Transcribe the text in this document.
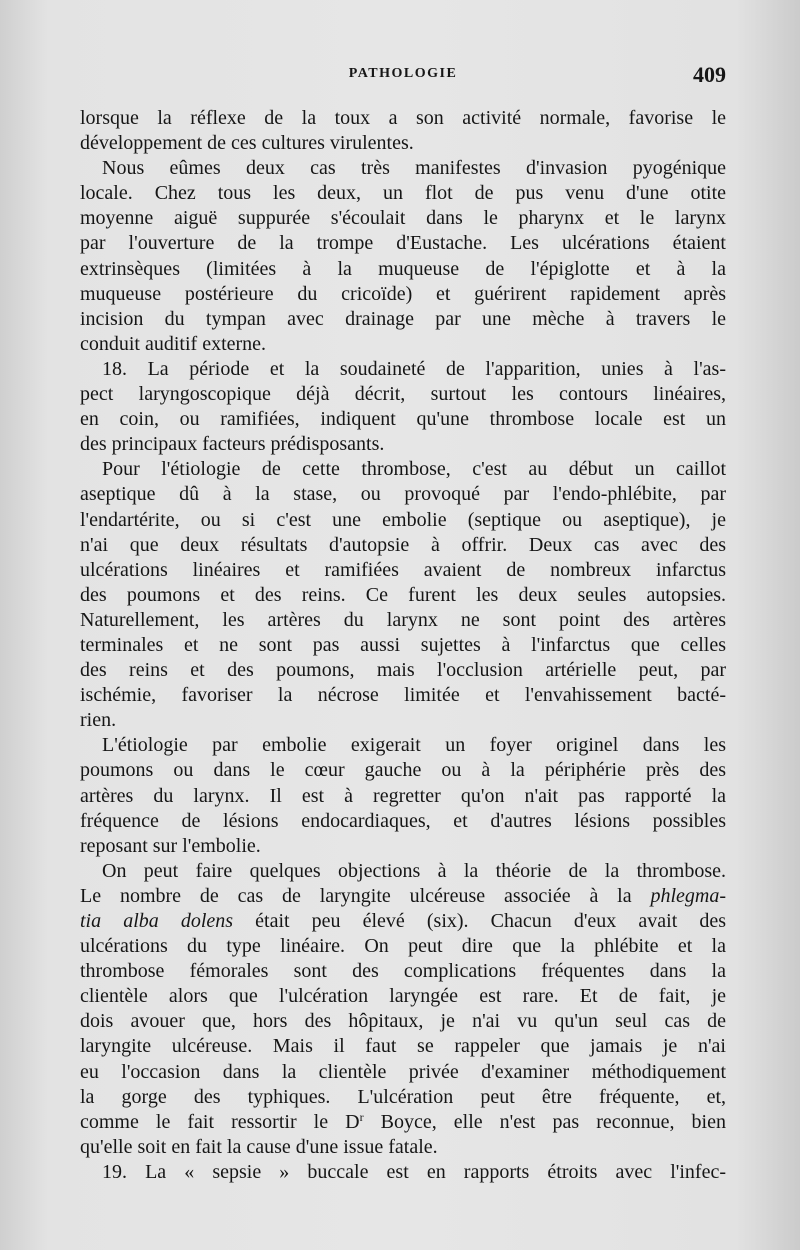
PATHOLOGIE	409
lorsque la réflexe de la toux a son activité normale, favorise le
développement de ces cultures virulentes.
Nous eûmes deux cas très manifestes d'invasion pyogénique
locale. Chez tous les deux, un flot de pus venu d'une otite
moyenne aiguë suppurée s'écoulait dans le pharynx et le larynx
par l'ouverture de la trompe d'Eustache. Les ulcérations étaient
extrinsèques (limitées à la muqueuse de l'épiglotte et à la
muqueuse postérieure du cricoïde) et guérirent rapidement après
incision du tympan avec drainage par une mèche à travers le
conduit auditif externe.
18. La période et la soudaineté de l'apparition, unies à l'as-
pect laryngoscopique déjà décrit, surtout les contours linéaires,
en coin, ou ramifiées, indiquent qu'une thrombose locale est un
des principaux facteurs prédisposants.
Pour l'étiologie de cette thrombose, c'est au début un caillot
aseptique dû à la stase, ou provoqué par l'endo-phlébite, par
l'endartérite, ou si c'est une embolie (septique ou aseptique), je
n'ai que deux résultats d'autopsie à offrir. Deux cas avec des
ulcérations linéaires et ramifiées avaient de nombreux infarctus
des poumons et des reins. Ce furent les deux seules autopsies.
Naturellement, les artères du larynx ne sont point des artères
terminales et ne sont pas aussi sujettes à l'infarctus que celles
des reins et des poumons, mais l'occlusion artérielle peut, par
ischémie, favoriser la nécrose limitée et l'envahissement bacté-
rien.
L'étiologie par embolie exigerait un foyer originel dans les
poumons ou dans le cœur gauche ou à la périphérie près des
artères du larynx. Il est à regretter qu'on n'ait pas rapporté la
fréquence de lésions endocardiaques, et d'autres lésions possibles
reposant sur l'embolie.
On peut faire quelques objections à la théorie de la thrombose.
Le nombre de cas de laryngite ulcéreuse associée à la phlegma-
tia alba dolens était peu élevé (six). Chacun d'eux avait des
ulcérations du type linéaire. On peut dire que la phlébite et la
thrombose fémorales sont des complications fréquentes dans la
clientèle alors que l'ulcération laryngée est rare. Et de fait, je
dois avouer que, hors des hôpitaux, je n'ai vu qu'un seul cas de
laryngite ulcéreuse. Mais il faut se rappeler que jamais je n'ai
eu l'occasion dans la clientèle privée d'examiner méthodiquement
la gorge des typhiques. L'ulcération peut être fréquente, et,
comme le fait ressortir le $D^r$ Boyce, elle n'est pas reconnue, bien
qu'elle soit en fait la cause d'une issue fatale.
19. La « sepsie » buccale est en rapports étroits avec l'infec-
